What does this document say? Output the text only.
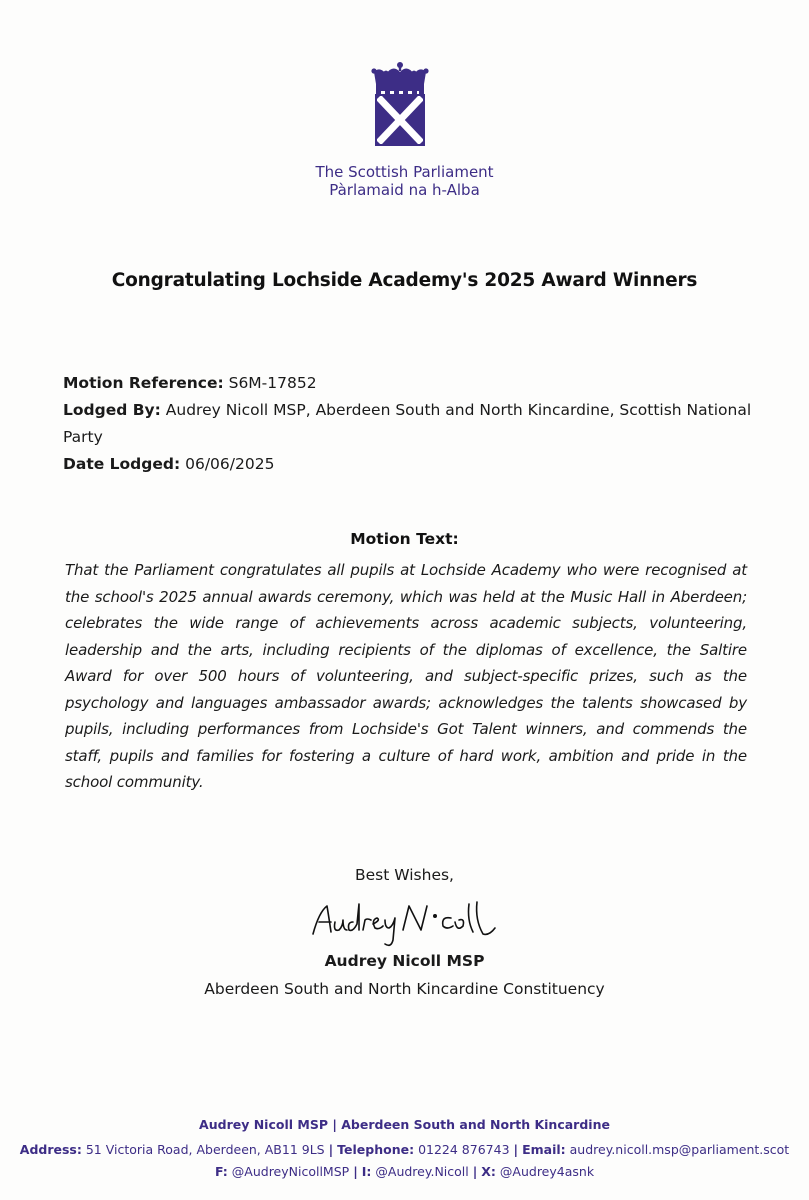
The Scottish Parliament
Pàrlamaid na h-Alba
Congratulating Lochside Academy's 2025 Award Winners
Motion Reference: S6M-17852
Lodged By: Audrey Nicoll MSP, Aberdeen South and North Kincardine, Scottish National Party
Date Lodged: 06/06/2025
Motion Text:
That the Parliament congratulates all pupils at Lochside Academy who were recognised at the school's 2025 annual awards ceremony, which was held at the Music Hall in Aberdeen; celebrates the wide range of achievements across academic subjects, volunteering, leadership and the arts, including recipients of the diplomas of excellence, the Saltire Award for over 500 hours of volunteering, and subject-specific prizes, such as the psychology and languages ambassador awards; acknowledges the talents showcased by pupils, including performances from Lochside's Got Talent winners, and commends the staff, pupils and families for fostering a culture of hard work, ambition and pride in the school community.
Best Wishes,
Audrey Nicoll MSP
Aberdeen South and North Kincardine Constituency
Audrey Nicoll MSP | Aberdeen South and North Kincardine
Address: 51 Victoria Road, Aberdeen, AB11 9LS | Telephone: 01224 876743 | Email: audrey.nicoll.msp@parliament.scot
F: @AudreyNicollMSP | I: @Audrey.Nicoll | X: @Audrey4asnk
